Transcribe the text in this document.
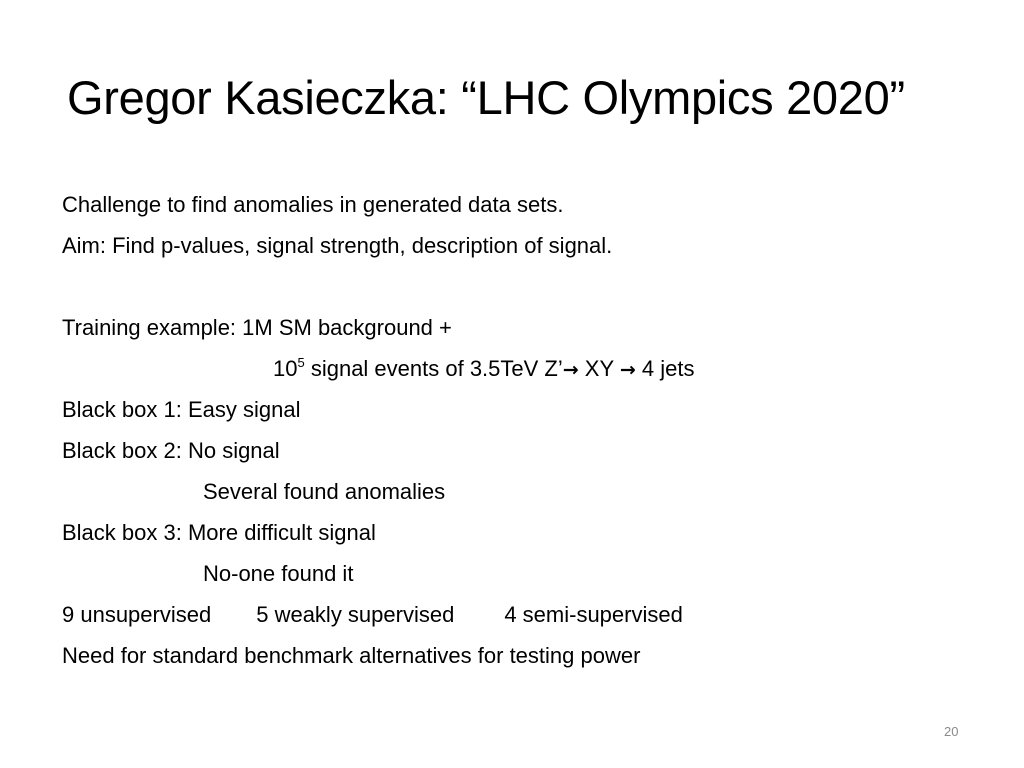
Gregor Kasieczka: “LHC Olympics 2020”
Challenge to find anomalies in generated data sets.
Aim: Find p-values, signal strength, description of signal.
Training example: 1M SM background +
$10^5$ signal events of 3.5TeV Z’→ XY → 4 jets
Black box 1: Easy signal
Black box 2: No signal
Several found anomalies
Black box 3: More difficult signal
No-one found it
9 unsupervised 5 weakly supervised 4 semi-supervised
Need for standard benchmark alternatives for testing power
20
